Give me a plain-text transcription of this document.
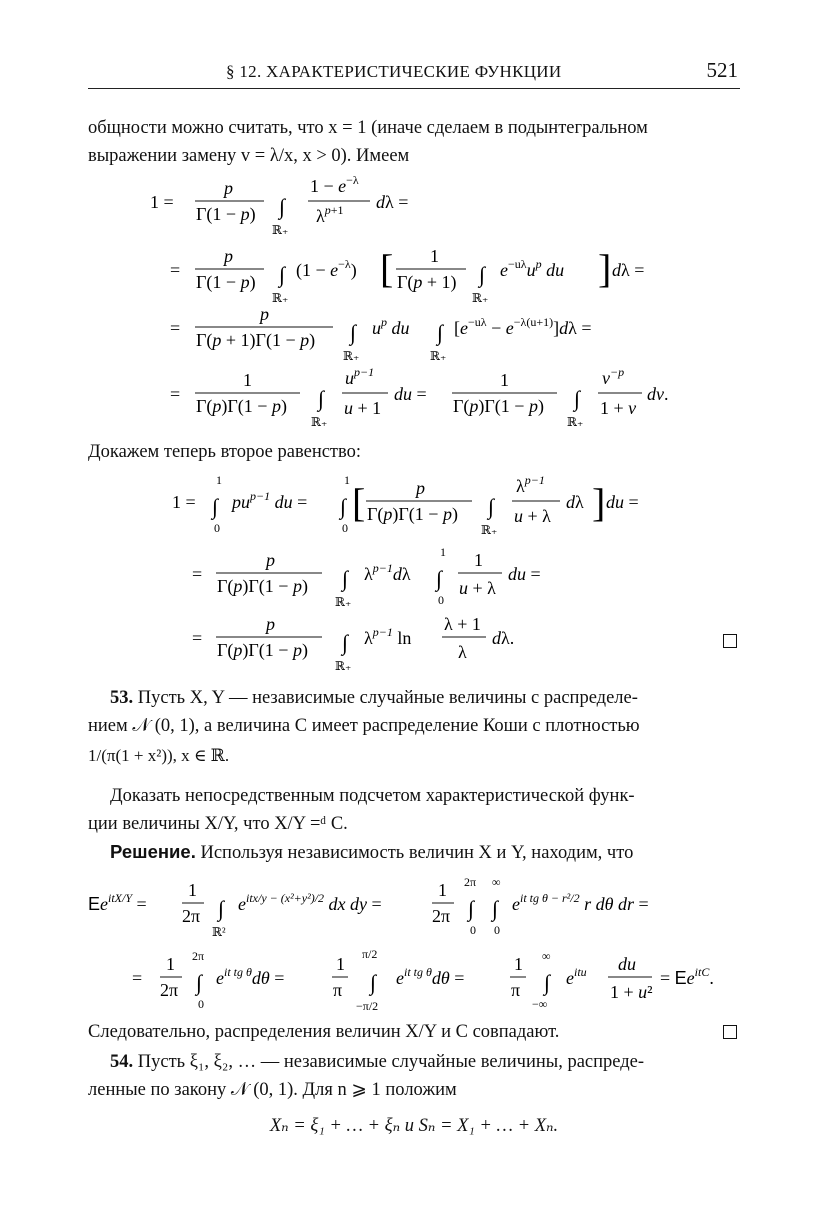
§ 12. ХАРАКТЕРИСТИЧЕСКИЕ ФУНКЦИИ	521
общности можно считать, что x = 1 (иначе сделаем в подынтегральном
выражении замену v = λ/x, x > 0). Имеем
1 =
p
Γ(1 − p) ∫
ℝ₊
$1 - e^{-\lambda}$
$\lambda^p+1$ dλ =
=
p
Γ(1 − p) ∫
ℝ₊
$(1 - e^{-\lambda})$ [ 1
Γ(p + 1) ∫
ℝ₊
$e^{-u\lambda}u^p$ du ] dλ =
=
p
Γ(p + 1)Γ(1 − p) ∫
ℝ₊
$u^p$ du ∫
ℝ₊
$[e^{-u\lambda} - e^{-\lambda(u+1)}]d\lambda$ =
=
1
Γ(p)Γ(1 − p) ∫
ℝ₊
$u^{p-1}$
u + 1
du =
1
Γ(p)Γ(1 − p) ∫
ℝ₊
$v^{-p}$
1 + v
dv.
Докажем теперь второе равенство:
1 = ∫
1
0
$pu^{p-1}$ du = ∫
1
0
[	p
Γ(p)Γ(1 − p) ∫
ℝ₊
$\lambda^{p-1}$
u + λ
dλ ] du =
=
p
Γ(p)Γ(1 − p) ∫
ℝ₊
$\lambda^{p-1}d\lambda$ ∫
1
0
1
u + λ
du =
=
p
Γ(p)Γ(1 − p) ∫
ℝ₊
$\lambda^{p-1}$ ln
λ + 1
λ
dλ.
53. Пусть X, Y — независимые случайные величины с распределе-
нием 𝒩 (0, 1), а величина C имеет распределение Коши с плотностью
1/(π(1 + x²)), x ∈ ℝ.
Доказать непосредственным подсчетом характеристической функ-
ции величины X/Y, что X/Y =ᵈ C.
Решение. Используя независимость величин X и Y, находим, что
$Ee^{itX/Y}$ =
1
2π ∫
ℝ²
$e^{itx/y - (x^2+y^2)/2}$ dx dy =
1
2π ∫
2π
0
∫
∞
0
$e^{it tg \theta - r^2/2}$ r dθ dr =
=
1
2π ∫
2π
0
$e^{it tg \theta}d\theta$ =
1
π ∫
π/2
−π/2
$e^{it tg \theta}d\theta$ =
1
π ∫
∞
−∞
$e^{itu}$ du
1 + u²
= $Ee^{itC}$.
Следовательно, распределения величин X/Y и C совпадают.
54. Пусть ξ₁, ξ₂, … — независимые случайные величины, распреде-
ленные по закону 𝒩 (0, 1). Для n ⩾ 1 положим
Xₙ = ξ₁ + … + ξₙ и Sₙ = X₁ + … + Xₙ.
